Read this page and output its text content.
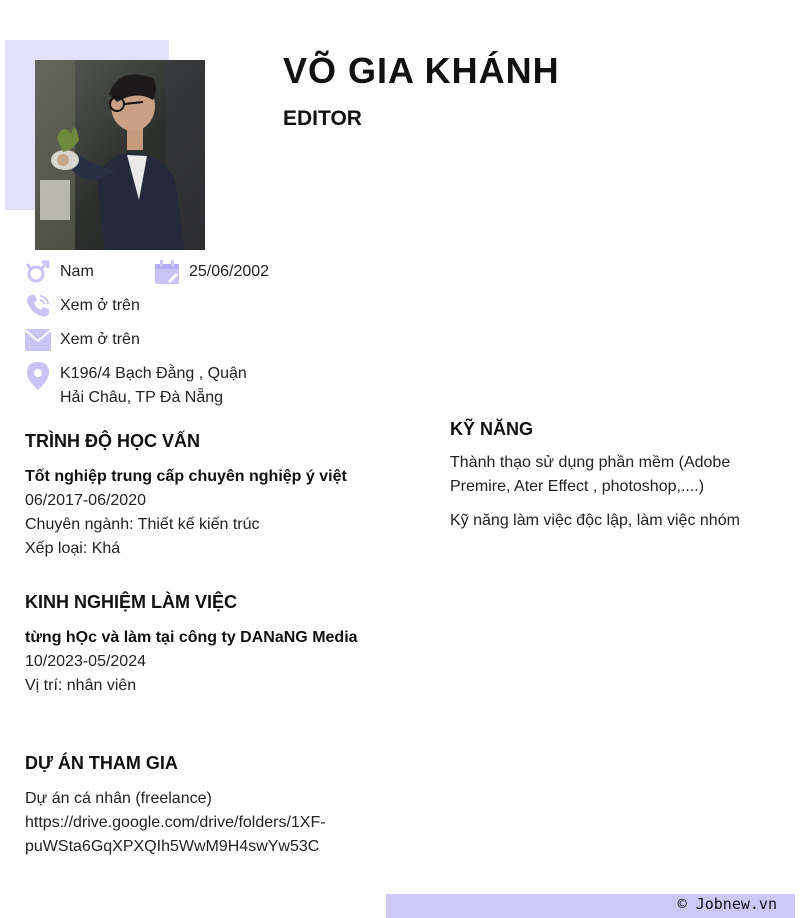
VÕ GIA KHÁNH
EDITOR
Nam	25/06/2002
Xem ở trên
Xem ở trên
K196/4 Bạch Đằng , Quận
Hải Châu, TP Đà Nẵng
TRÌNH ĐỘ HỌC VẤN
Tốt nghiệp trung cấp chuyên nghiệp ý việt
06/2017-06/2020
Chuyên ngành: Thiết kế kiến trúc
Xếp loại: Khá
KINH NGHIỆM LÀM VIỆC
từng hỌc và làm tại công ty DANaNG Media
10/2023-05/2024
Vị trí: nhân viên
DỰ ÁN THAM GIA
Dự án cá nhân (freelance)
https://drive.google.com/drive/folders/1XF-
puWSta6GqXPXQIh5WwM9H4swYw53C
KỸ NĂNG
Thành thạo sử dụng phần mềm (Adobe
Premire, Ater Effect , photoshop,....)
Kỹ năng làm việc độc lập, làm việc nhóm
© Jobnew.vn
